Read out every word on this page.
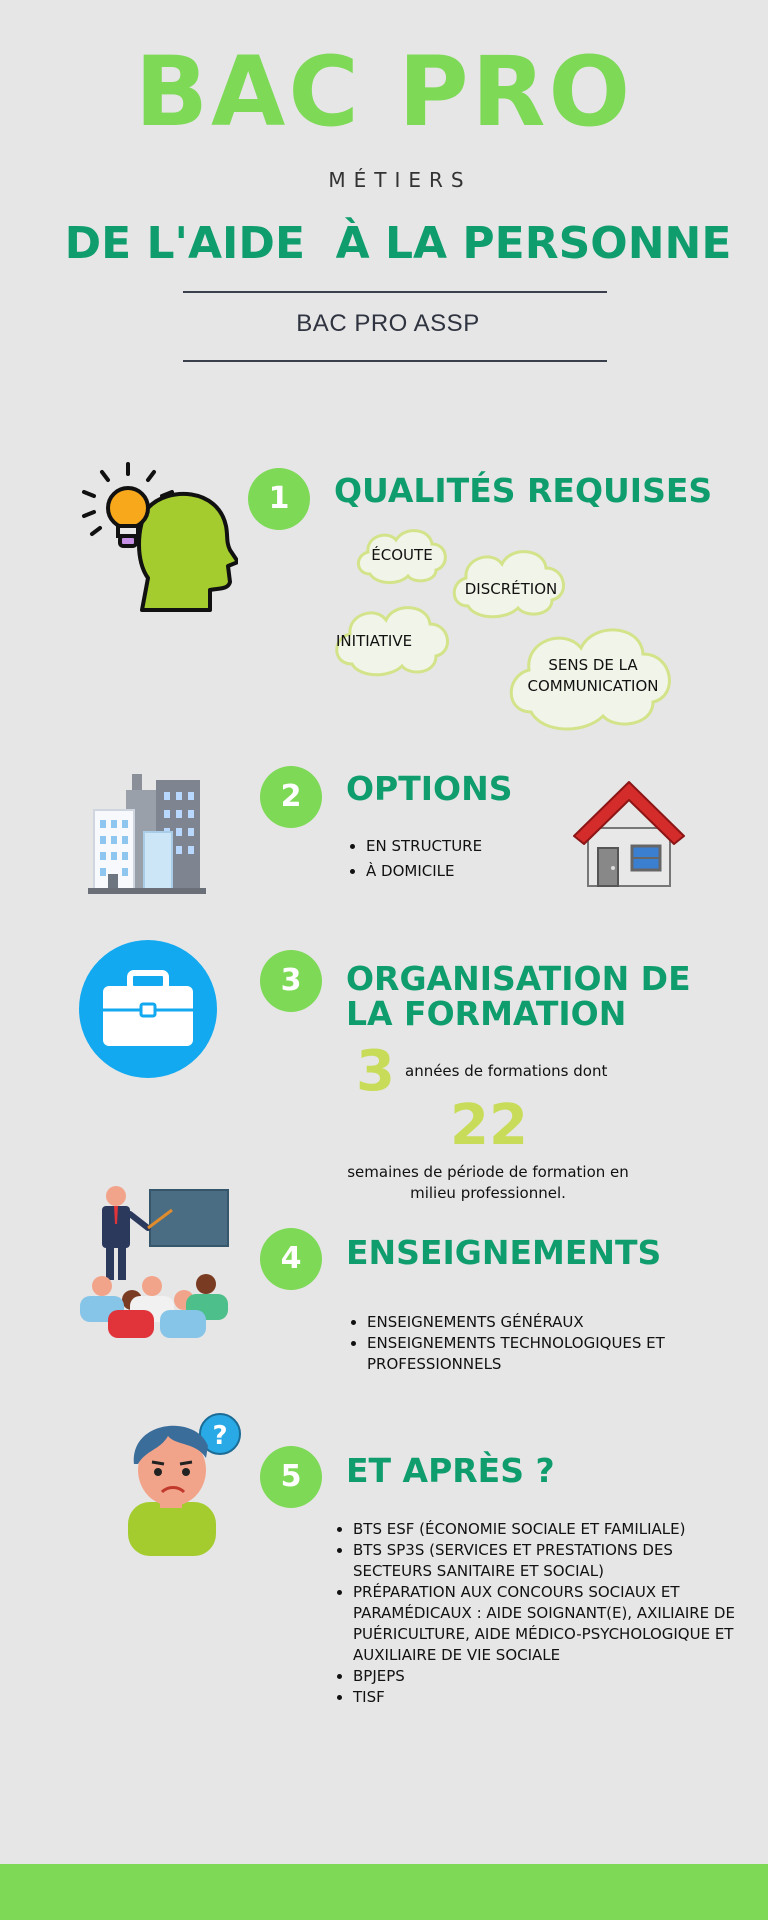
BAC PRO
MÉTIERS
DE L'AIDE  À LA PERSONNE
BAC PRO ASSP
1	QUALITÉS REQUISES
ÉCOUTE
DISCRÉTION
INITIATIVE
SENS DE LA COMMUNICATION
2	OPTIONS
• EN STRUCTURE
• À DOMICILE
3	ORGANISATION DE LA FORMATION
3 années de formations dont
22
semaines de période de formation en milieu professionnel.
4	ENSEIGNEMENTS
• ENSEIGNEMENTS GÉNÉRAUX
• ENSEIGNEMENTS TECHNOLOGIQUES ET PROFESSIONNELS
?
5	ET APRÈS ?
• BTS ESF (ÉCONOMIE SOCIALE ET FAMILIALE)
• BTS SP3S (SERVICES ET PRESTATIONS DES SECTEURS SANITAIRE ET SOCIAL)
• PRÉPARATION AUX CONCOURS SOCIAUX ET PARAMÉDICAUX : AIDE SOIGNANT(E), AXILIAIRE DE PUÉRICULTURE, AIDE MÉDICO-PSYCHOLOGIQUE ET AUXILIAIRE DE VIE SOCIALE
• BPJEPS
• TISF
